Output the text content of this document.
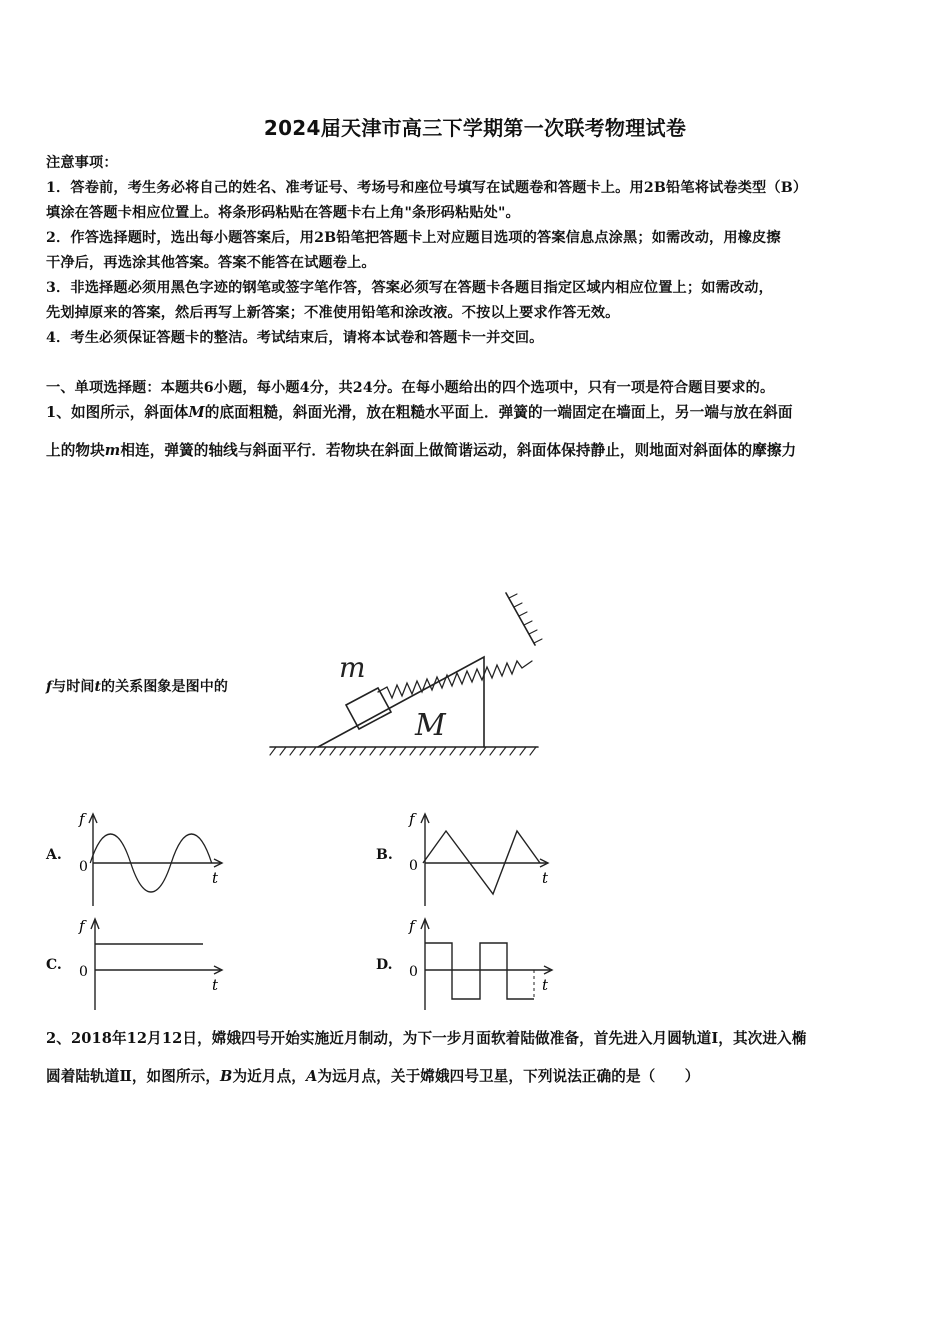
2024届天津市高三下学期第一次联考物理试卷
注意事项：
1．答卷前，考生务必将自己的姓名、准考证号、考场号和座位号填写在试题卷和答题卡上。用2B铅笔将试卷类型（B）
填涂在答题卡相应位置上。将条形码粘贴在答题卡右上角"条形码粘贴处"。
2．作答选择题时，选出每小题答案后，用2B铅笔把答题卡上对应题目选项的答案信息点涂黑；如需改动，用橡皮擦
干净后，再选涂其他答案。答案不能答在试题卷上。
3．非选择题必须用黑色字迹的钢笔或签字笔作答，答案必须写在答题卡各题目指定区域内相应位置上；如需改动，
先划掉原来的答案，然后再写上新答案；不准使用铅笔和涂改液。不按以上要求作答无效。
4．考生必须保证答题卡的整洁。考试结束后，请将本试卷和答题卡一并交回。
一、单项选择题：本题共6小题，每小题4分，共24分。在每小题给出的四个选项中，只有一项是符合题目要求的。
1、如图所示，斜面体M的底面粗糙，斜面光滑，放在粗糙水平面上．弹簧的一端固定在墙面上，另一端与放在斜面
上的物块m相连，弹簧的轴线与斜面平行．若物块在斜面上做简谐运动，斜面体保持静止，则地面对斜面体的摩擦力
f与时间t的关系图象是图中的
m
M
A.
f
0
t
B.
f
0
t
C.
f
0
t
D.
f
0
t
2、2018年12月12日，嫦娥四号开始实施近月制动，为下一步月面软着陆做准备，首先进入月圆轨道Ⅰ，其次进入椭
圆着陆轨道Ⅱ，如图所示，B为近月点，A为远月点，关于嫦娥四号卫星，下列说法正确的是（　　）
